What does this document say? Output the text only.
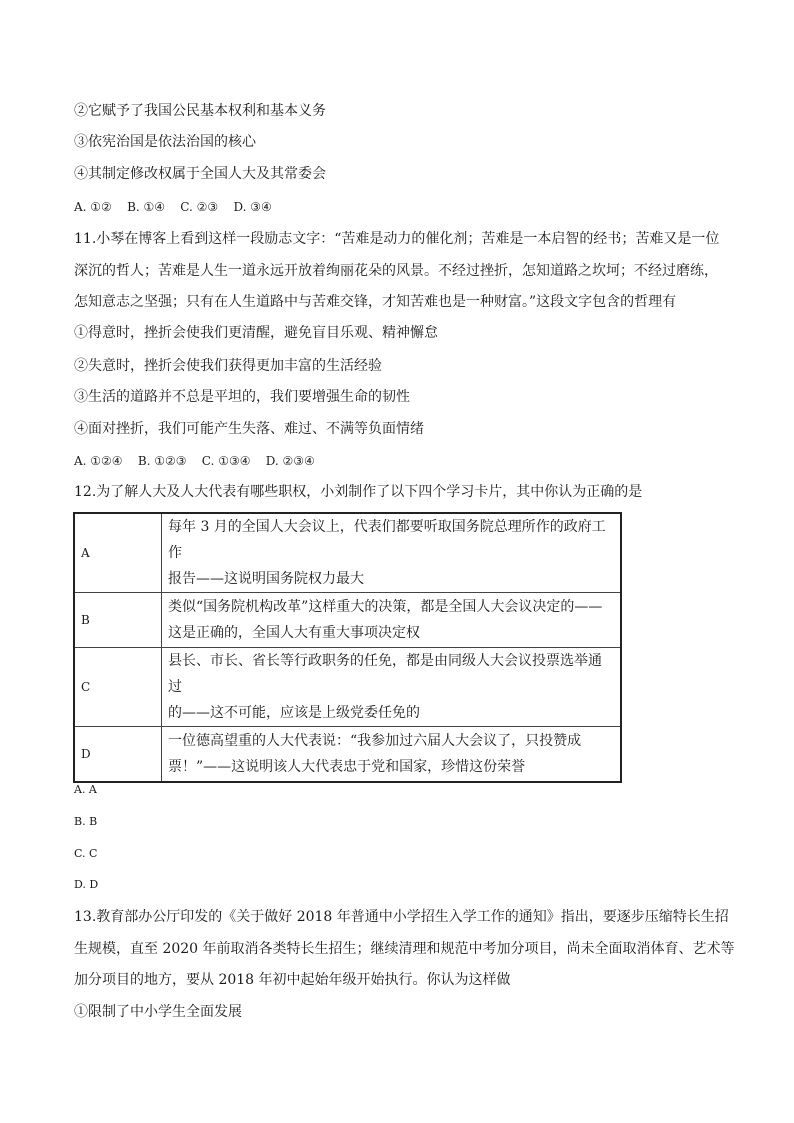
②它赋予了我国公民基本权利和基本义务
③依宪治国是依法治国的核心
④其制定修改权属于全国人大及其常委会
A. ①②    B. ①④    C. ②③    D. ③④
11.小琴在博客上看到这样一段励志文字：“苦难是动力的催化剂；苦难是一本启智的经书；苦难又是一位
深沉的哲人；苦难是人生一道永远开放着绚丽花朵的风景。不经过挫折，怎知道路之坎坷；不经过磨练，
怎知意志之坚强；只有在人生道路中与苦难交锋，才知苦难也是一种财富。”这段文字包含的哲理有
①得意时，挫折会使我们更清醒，避免盲目乐观、精神懈怠
②失意时，挫折会使我们获得更加丰富的生活经验
③生活的道路并不总是平坦的，我们要增强生命的韧性
④面对挫折，我们可能产生失落、难过、不满等负面情绪
A. ①②④    B. ①②③    C. ①③④    D. ②③④
12.为了解人大及人大代表有哪些职权，小刘制作了以下四个学习卡片，其中你认为正确的是
A	每年 3 月的全国人大会议上，代表们都要听取国务院总理所作的政府工作
报告——这说明国务院权力最大

B	类似“国务院机构改革”这样重大的决策，都是全国人大会议决定的——
这是正确的，全国人大有重大事项决定权

C	县长、市长、省长等行政职务的任免，都是由同级人大会议投票选举通过
的——这不可能，应该是上级党委任免的

D	一位德高望重的人大代表说：“我参加过六届人大会议了，只投赞成
票！”——这说明该人大代表忠于党和国家，珍惜这份荣誉
A. A
B. B
C. C
D. D
13.教育部办公厅印发的《关于做好 2018 年普通中小学招生入学工作的通知》指出，要逐步压缩特长生招
生规模，直至 2020 年前取消各类特长生招生；继续清理和规范中考加分项目，尚未全面取消体育、艺术等
加分项目的地方，要从 2018 年初中起始年级开始执行。你认为这样做
①限制了中小学生全面发展
